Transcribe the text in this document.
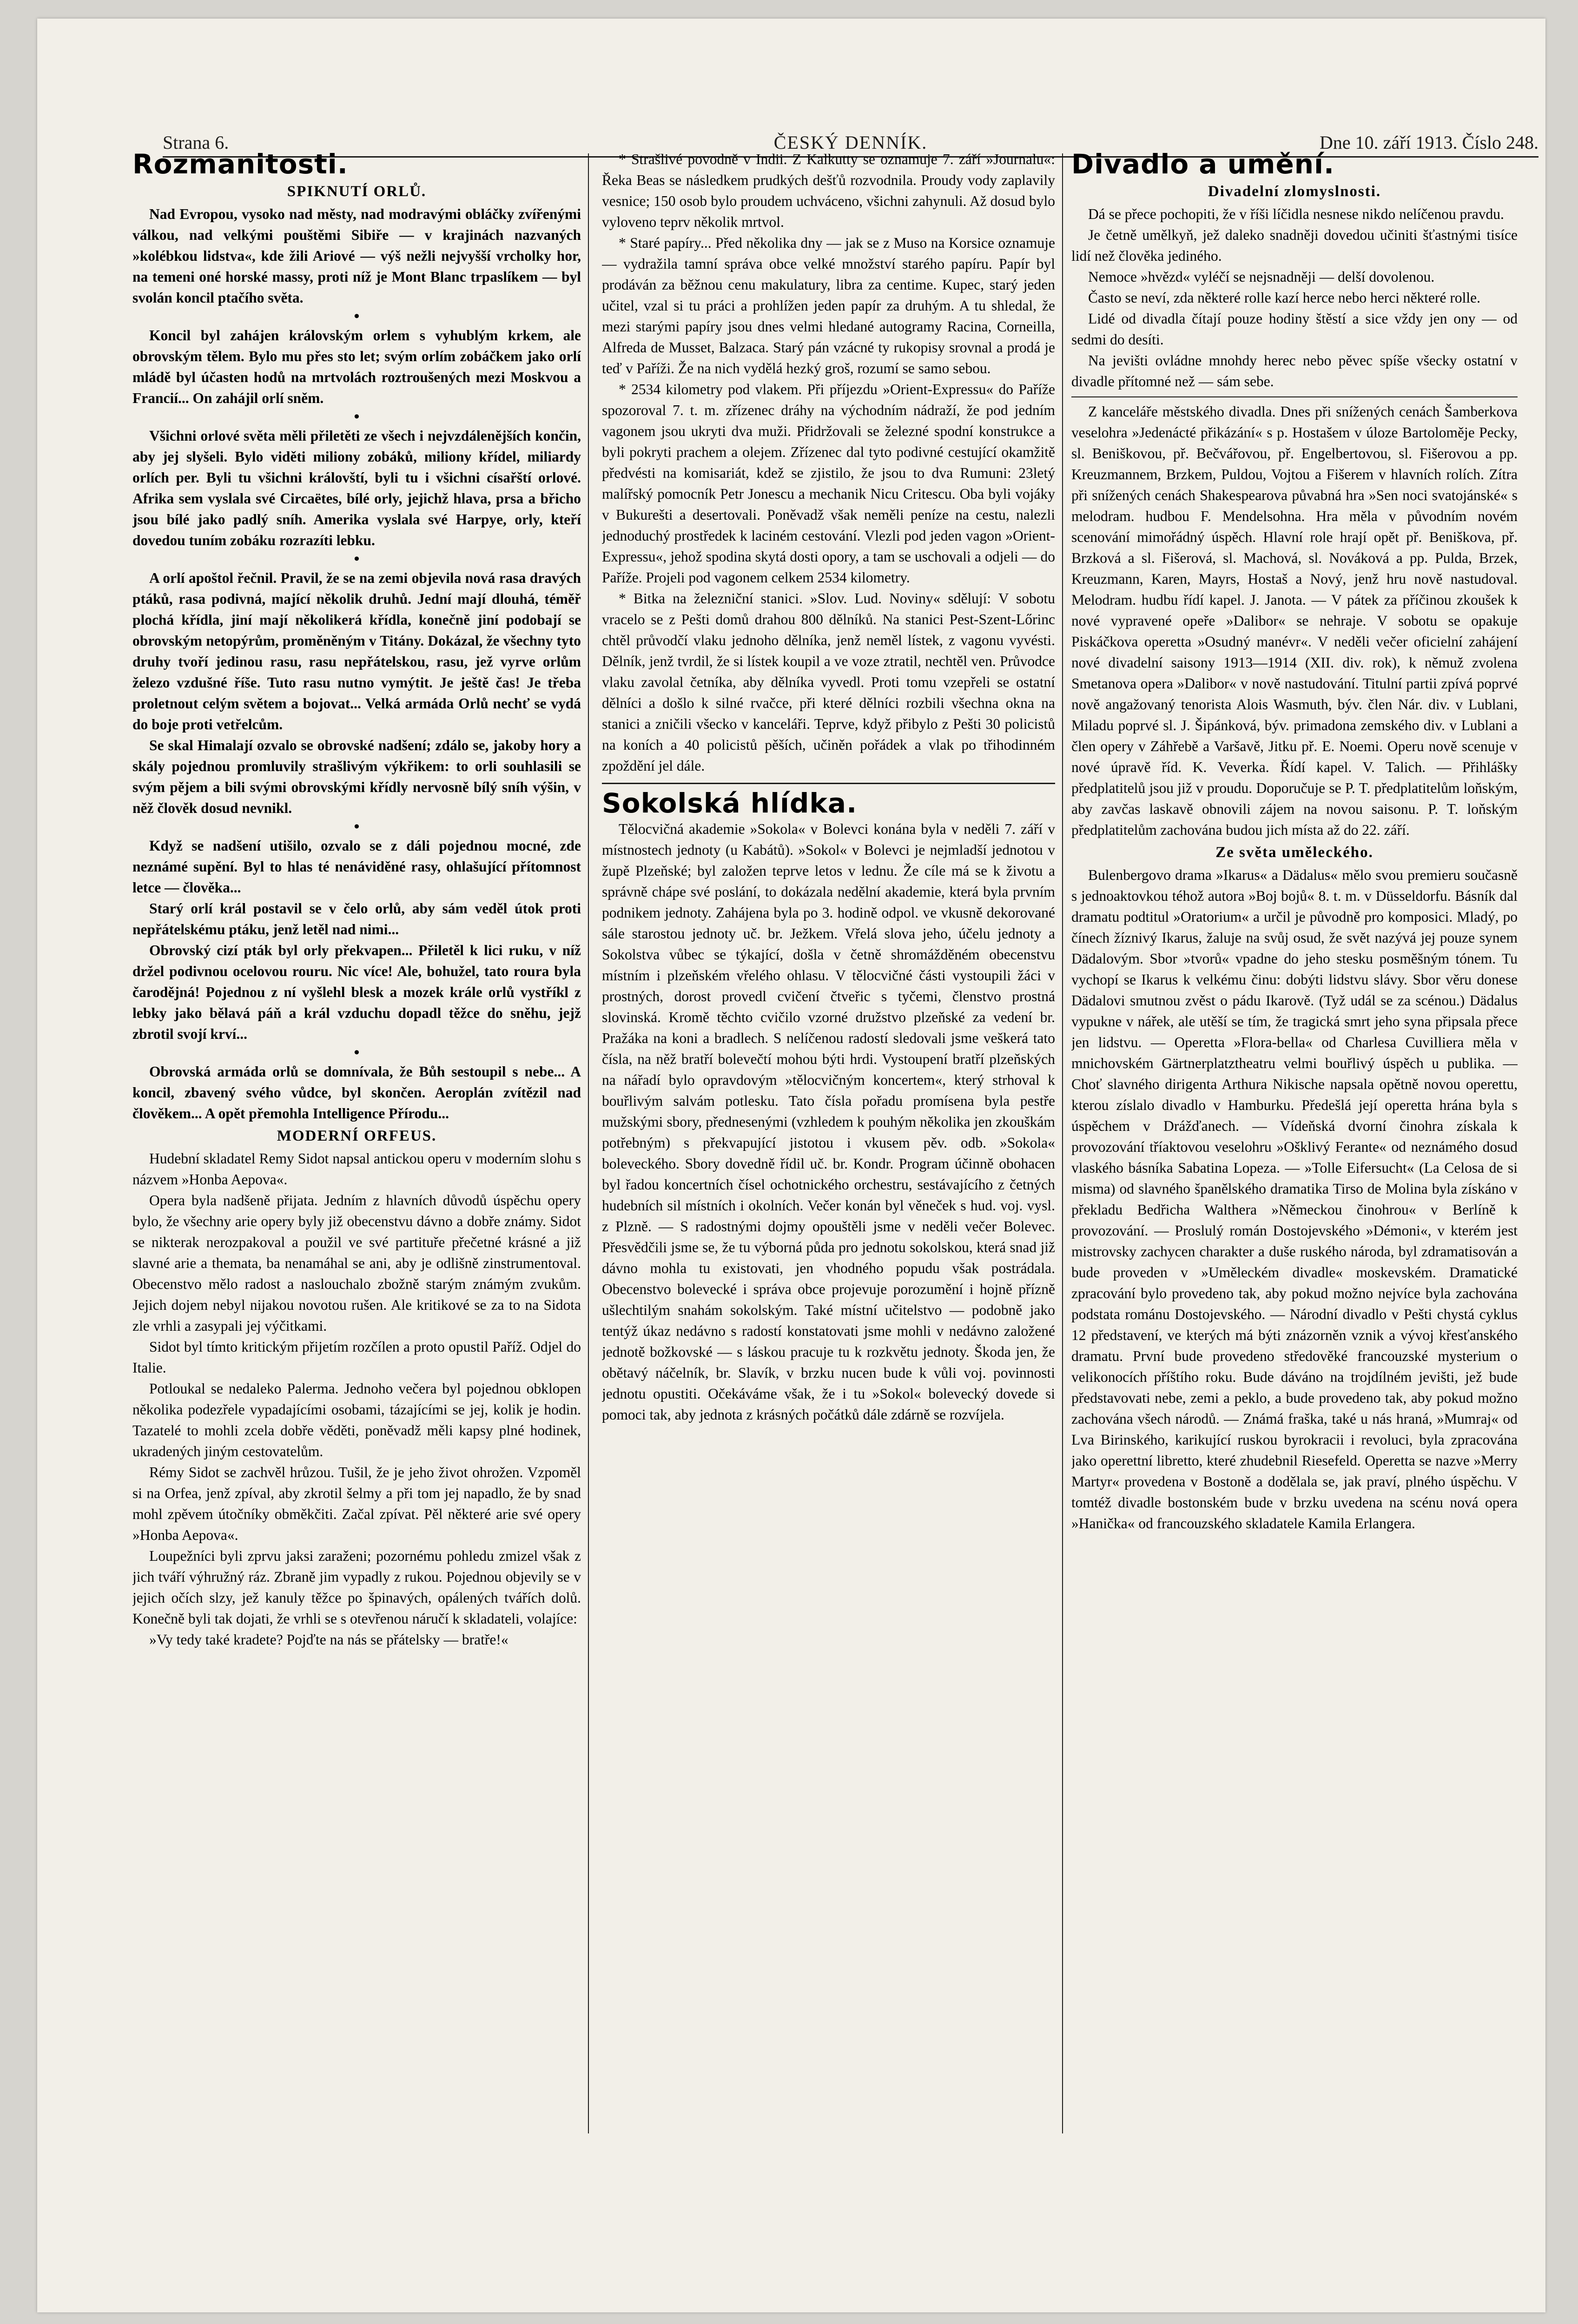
Strana 6.	ČESKÝ DENNÍK.	Dne 10. září 1913. Číslo 248.

Rozmanitosti.

SPIKNUTÍ ORLŮ.

Nad Evropou, vysoko nad městy, nad modravými obláčky zvířenými válkou, nad velkými pouštěmi Sibiře — v krajinách nazvaných »kolébkou lidstva«, kde žili Ariové — výš nežli nejvyšší vrcholky hor, na temeni oné horské massy, proti níž je Mont Blanc trpaslíkem — byl svolán koncil ptačího světa.

•

Koncil byl zahájen královským orlem s vyhublým krkem, ale obrovským tělem. Bylo mu přes sto let; svým orlím zobáčkem jako orlí mládě byl účasten hodů na mrtvolách roztroušených mezi Moskvou a Francií... On zahájil orlí sněm.

•

Všichni orlové světa měli přiletěti ze všech i nejvzdálenějších končin, aby jej slyšeli. Bylo viděti miliony zobáků, miliony křídel, miliardy orlích per. Byli tu všichni královští, byli tu i všichni císařští orlové. Afrika sem vyslala své Circaëtes, bílé orly, jejichž hlava, prsa a břicho jsou bílé jako padlý sníh. Amerika vyslala své Harpye, orly, kteří dovedou tuním zobáku rozrazíti lebku.

•

A orlí apoštol řečnil. Pravil, že se na zemi objevila nová rasa dravých ptáků, rasa podivná, mající několik druhů. Jední mají dlouhá, téměř plochá křídla, jiní mají několikerá křídla, konečně jiní podobají se obrovským netopýrům, proměněným v Titány. Dokázal, že všechny tyto druhy tvoří jedinou rasu, rasu nepřátelskou, rasu, jež vyrve orlům železo vzdušné říše. Tuto rasu nutno vymýtit. Je ještě čas! Je třeba proletnout celým světem a bojovat... Velká armáda Orlů nechť se vydá do boje proti vetřelcům.

Se skal Himalají ozvalo se obrovské nadšení; zdálo se, jakoby hory a skály pojednou promluvily strašlivým výkřikem: to orli souhlasili se svým pějem a bili svými obrovskými křídly nervosně bílý sníh výšin, v něž člověk dosud nevnikl.

•

Když se nadšení utišilo, ozvalo se z dáli pojednou mocné, zde neznámé supění. Byl to hlas té nenáviděné rasy, ohlašující přítomnost letce — člověka...

Starý orlí král postavil se v čelo orlů, aby sám veděl útok proti nepřátelskému ptáku, jenž letěl nad nimi...

Obrovský cizí pták byl orly překvapen... Přiletěl k lici ruku, v níž držel podivnou ocelovou rouru. Nic více! Ale, bohužel, tato roura byla čarodějná! Pojednou z ní vyšlehl blesk a mozek krále orlů vystříkl z lebky jako bělavá páň a král vzduchu dopadl těžce do sněhu, jejž zbrotil svojí krví...

•

Obrovská armáda orlů se domnívala, že Bůh sestoupil s nebe... A koncil, zbavený svého vůdce, byl skončen. Aeroplán zvítězil nad člověkem... A opět přemohla Intelligence Přírodu...

MODERNÍ ORFEUS.

Hudební skladatel Remy Sidot napsal antickou operu v moderním slohu s názvem »Honba Aepova«.

Opera byla nadšeně přijata. Jedním z hlavních důvodů úspěchu opery bylo, že všechny arie opery byly již obecenstvu dávno a dobře známy. Sidot se nikterak nerozpakoval a použil ve své partituře přečetné krásné a již slavné arie a themata, ba nenamáhal se ani, aby je odlišně zinstrumentoval. Obecenstvo mělo radost a naslouchalo zbožně starým známým zvukům. Jejich dojem nebyl nijakou novotou rušen. Ale kritikové se za to na Sidota zle vrhli a zasypali jej výčitkami.

Sidot byl tímto kritickým přijetím rozčílen a proto opustil Paříž. Odjel do Italie.

Potloukal se nedaleko Palerma. Jednoho večera byl pojednou obklopen několika podezřele vypadajícími osobami, tázajícími se jej, kolik je hodin. Tazatelé to mohli zcela dobře věděti, poněvadž měli kapsy plné hodinek, ukradených jiným cestovatelům.

Rémy Sidot se zachvěl hrůzou. Tušil, že je jeho život ohrožen. Vzpoměl si na Orfea, jenž zpíval, aby zkrotil šelmy a při tom jej napadlo, že by snad mohl zpěvem útočníky obměkčiti. Začal zpívat. Pěl některé arie své opery »Honba Aepova«.

Loupežníci byli zprvu jaksi zaraženi; pozornému pohledu zmizel však z jich tváří výhružný ráz. Zbraně jim vypadly z rukou. Pojednou objevily se v jejich očích slzy, jež kanuly těžce po špinavých, opálených tvářích dolů. Konečně byli tak dojati, že vrhli se s otevřenou náručí k skladateli, volajíce:

»Vy tedy také kradete? Pojďte na nás se přátelsky — bratře!«

* Strašlivé povodně v Indii. Z Kalkutty se oznamuje 7. září »Journalu«: Řeka Beas se následkem prudkých dešťů rozvodnila. Proudy vody zaplavily vesnice; 150 osob bylo proudem uchváceno, všichni zahynuli. Až dosud bylo vyloveno teprv několik mrtvol.

* Staré papíry... Před několika dny — jak se z Muso na Korsice oznamuje — vydražila tamní správa obce velké množství starého papíru. Papír byl prodáván za běžnou cenu makulatury, libra za centime. Kupec, starý jeden učitel, vzal si tu práci a prohlížen jeden papír za druhým. A tu shledal, že mezi starými papíry jsou dnes velmi hledané autogramy Racina, Corneilla, Alfreda de Musset, Balzaca. Starý pán vzácné ty rukopisy srovnal a prodá je teď v Paříži. Že na nich vydělá hezký groš, rozumí se samo sebou.

* 2534 kilometry pod vlakem. Při příjezdu »Orient-Expressu« do Paříže spozoroval 7. t. m. zřízenec dráhy na východním nádraží, že pod jedním vagonem jsou ukryti dva muži. Přidržovali se železné spodní konstrukce a byli pokryti prachem a olejem. Zřízenec dal tyto podivné cestující okamžitě předvésti na komisariát, kdež se zjistilo, že jsou to dva Rumuni: 23letý malířský pomocník Petr Jonescu a mechanik Nicu Critescu. Oba byli vojáky v Bukurešti a desertovali. Poněvadž však neměli peníze na cestu, nalezli jednoduchý prostředek k laciném cestování. Vlezli pod jeden vagon »Orient-Expressu«, jehož spodina skytá dosti opory, a tam se uschovali a odjeli — do Paříže. Projeli pod vagonem celkem 2534 kilometry.

* Bitka na železniční stanici. »Slov. Lud. Noviny« sdělují: V sobotu vracelo se z Pešti domů drahou 800 dělníků. Na stanici Pest-Szent-Lőrinc chtěl průvodčí vlaku jednoho dělníka, jenž neměl lístek, z vagonu vyvésti. Dělník, jenž tvrdil, že si lístek koupil a ve voze ztratil, nechtěl ven. Průvodce vlaku zavolal četníka, aby dělníka vyvedl. Proti tomu vzepřeli se ostatní dělníci a došlo k silné rvačce, při které dělníci rozbili všechna okna na stanici a zničili všecko v kanceláři. Teprve, když přibylo z Pešti 30 policistů na koních a 40 policistů pěších, učiněn pořádek a vlak po třihodinném zpoždění jel dále.

Sokolská hlídka.

Tělocvičná akademie »Sokola« v Bolevci konána byla v neděli 7. září v místnostech jednoty (u Kabátů). »Sokol« v Bolevci je nejmladší jednotou v župě Plzeňské; byl založen teprve letos v lednu. Že cíle má se k životu a správně chápe své poslání, to dokázala nedělní akademie, která byla prvním podnikem jednoty. Zahájena byla po 3. hodině odpol. ve vkusně dekorované sále starostou jednoty uč. br. Ježkem. Vřelá slova jeho, účelu jednoty a Sokolstva vůbec se týkající, došla v četně shromážděném obecenstvu místním i plzeňském vřelého ohlasu. V tělocvičné části vystoupili žáci v prostných, dorost provedl cvičení čtveřic s tyčemi, členstvo prostná slovinská. Kromě těchto cvičilo vzorné družstvo plzeňské za vedení br. Pražáka na koni a bradlech. S nelíčenou radostí sledovali jsme veškerá tato čísla, na něž bratří bolevečtí mohou býti hrdi. Vystoupení bratří plzeňských na nářadí bylo opravdovým »tělocvičným koncertem«, který strhoval k bouřlivým salvám potlesku. Tato čísla pořadu promísena byla pestře mužskými sbory, přednesenými (vzhledem k pouhým několika jen zkouškám potřebným) s překvapující jistotou i vkusem pěv. odb. »Sokola« boleveckého. Sbory dovedně řídil uč. br. Kondr. Program účinně obohacen byl řadou koncertních čísel ochotnického orchestru, sestávajícího z četných hudebních sil místních i okolních. Večer konán byl věneček s hud. voj. vysl. z Plzně. — S radostnými dojmy opouštěli jsme v neděli večer Bolevec. Přesvědčili jsme se, že tu výborná půda pro jednotu sokolskou, která snad již dávno mohla tu existovati, jen vhodného popudu však postrádala. Obecenstvo bolevecké i správa obce projevuje porozumění i hojně přízně ušlechtilým snahám sokolským. Také místní učitelstvo — podobně jako tentýž úkaz nedávno s radostí konstatovati jsme mohli v nedávno založené jednotě božkovské — s láskou pracuje tu k rozkvětu jednoty. Škoda jen, že obětavý náčelník, br. Slavík, v brzku nucen bude k vůli voj. povinnosti jednotu opustiti. Očekáváme však, že i tu »Sokol« bolevecký dovede si pomoci tak, aby jednota z krásných počátků dále zdárně se rozvíjela.

Divadlo a umění.

Divadelní zlomyslnosti.

Dá se přece pochopiti, že v říši líčidla nesnese nikdo nelíčenou pravdu.

Je četně umělkyň, jež daleko snadněji dovedou učiniti šťastnými tisíce lidí než člověka jediného.

Nemoce »hvězd« vyléčí se nejsnadněji — delší dovolenou.

Často se neví, zda některé rolle kazí herce nebo herci některé rolle.

Lidé od divadla čítají pouze hodiny štěstí a sice vždy jen ony — od sedmi do desíti.

Na jevišti ovládne mnohdy herec nebo pěvec spíše všecky ostatní v divadle přítomné než — sám sebe.

Z kanceláře městského divadla. Dnes při snížených cenách Šamberkova veselohra »Jedenácté přikázání« s p. Hostašem v úloze Bartoloměje Pecky, sl. Beniškovou, př. Bečvářovou, př. Engelbertovou, sl. Fišerovou a pp. Kreuzmannem, Brzkem, Puldou, Vojtou a Fišerem v hlavních rolích. Zítra při snížených cenách Shakespearova půvabná hra »Sen noci svatojánské« s melodram. hudbou F. Mendelsohna. Hra měla v původním novém scenování mimořádný úspěch. Hlavní role hrají opět př. Beniškova, př. Brzková a sl. Fišerová, sl. Machová, sl. Nováková a pp. Pulda, Brzek, Kreuzmann, Karen, Mayrs, Hostaš a Nový, jenž hru nově nastudoval. Melodram. hudbu řídí kapel. J. Janota. — V pátek za příčinou zkoušek k nové vypravené opeře »Dalibor« se nehraje. V sobotu se opakuje Piskáčkova operetta »Osudný manévr«. V neděli večer oficielní zahájení nové divadelní saisony 1913—1914 (XII. div. rok), k němuž zvolena Smetanova opera »Dalibor« v nově nastudování. Titulní partii zpívá poprvé nově angažovaný tenorista Alois Wasmuth, býv. člen Nár. div. v Lublani, Miladu poprvé sl. J. Šipánková, býv. primadona zemského div. v Lublani a člen opery v Záhřebě a Varšavě, Jitku př. E. Noemi. Operu nově scenuje v nové úpravě říd. K. Veverka. Řídí kapel. V. Talich. — Přihlášky předplatitelů jsou již v proudu. Doporučuje se P. T. předplatitelům loňským, aby zavčas laskavě obnovili zájem na novou saisonu. P. T. loňským předplatitelům zachována budou jich místa až do 22. září.

Ze světa uměleckého.

Bulenbergovo drama »Ikarus« a Dädalus« mělo svou premieru současně s jednoaktovkou téhož autora »Boj bojů« 8. t. m. v Düsseldorfu. Básník dal dramatu podtitul »Oratorium« a určil je původně pro komposici. Mladý, po čínech žíznivý Ikarus, žaluje na svůj osud, že svět nazývá jej pouze synem Dädalovým. Sbor »tvorů« vpadne do jeho stesku posměšným tónem. Tu vychopí se Ikarus k velkému činu: dobýti lidstvu slávy. Sbor věru donese Dädalovi smutnou zvěst o pádu Ikarově. (Tyž udál se za scénou.) Dädalus vypukne v nářek, ale utěší se tím, že tragická smrt jeho syna připsala přece jen lidstvu. — Operetta »Flora-bella« od Charlesa Cuvilliera měla v mnichovském Gärtnerplatztheatru velmi bouřlivý úspěch u publika. — Choť slavného dirigenta Arthura Nikische napsala opětně novou operettu, kterou zíslalo divadlo v Hamburku. Předešlá její operetta hrána byla s úspěchem v Drážďanech. — Vídeňská dvorní činohra získala k provozování tříaktovou veselohru »Ošklivý Ferante« od neznámého dosud vlaského básníka Sabatina Lopeza. — »Tolle Eifersucht« (La Celosa de si misma) od slavného španělského dramatika Tirso de Molina byla získáno v překladu Bedřicha Walthera »Německou činohrou« v Berlíně k provozování. — Proslulý román Dostojevského »Démoni«, v kterém jest mistrovsky zachycen charakter a duše ruského národa, byl zdramatisován a bude proveden v »Uměleckém divadle« moskevském. Dramatické zpracování bylo provedeno tak, aby pokud možno nejvíce byla zachována podstata románu Dostojevského. — Národní divadlo v Pešti chystá cyklus 12 představení, ve kterých má býti znázorněn vznik a vývoj křesťanského dramatu. První bude provedeno středověké francouzské mysterium o velikonocích příštího roku. Bude dáváno na trojdílném jevišti, jež bude představovati nebe, zemi a peklo, a bude provedeno tak, aby pokud možno zachována všech národů. — Známá fraška, také u nás hraná, »Mumraj« od Lva Birinského, karikující ruskou byrokracii i revoluci, byla zpracována jako operettní libretto, které zhudebnil Riesefeld. Operetta se nazve »Merry Martyr« provedena v Bostoně a dodělala se, jak praví, plného úspěchu. V tomtéž divadle bostonském bude v brzku uvedena na scénu nová opera »Hanička« od francouzského skladatele Kamila Erlangera.
